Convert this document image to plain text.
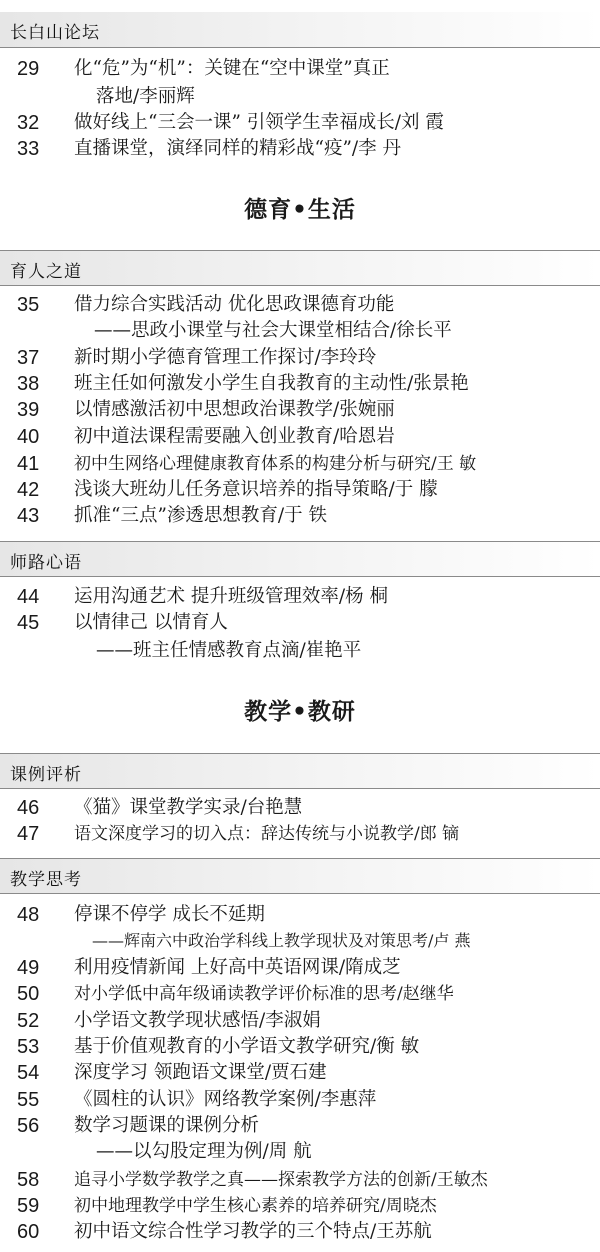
长白山论坛
29	化“危”为“机”：关键在“空中课堂”真正
落地/李丽辉
32	做好线上“三会一课” 引领学生幸福成长/刘 霞
33	直播课堂，演绎同样的精彩战“疫”/李 丹
德育•生活
育人之道
35	借力综合实践活动 优化思政课德育功能
——思政小课堂与社会大课堂相结合/徐长平
37	新时期小学德育管理工作探讨/李玲玲
38	班主任如何激发小学生自我教育的主动性/张景艳
39	以情感激活初中思想政治课教学/张婉丽
40	初中道法课程需要融入创业教育/哈恩岩
41	初中生网络心理健康教育体系的构建分析与研究/王 敏
42	浅谈大班幼儿任务意识培养的指导策略/于 朦
43	抓准“三点”渗透思想教育/于 铁
师路心语
44	运用沟通艺术 提升班级管理效率/杨 桐
45	以情律己 以情育人
——班主任情感教育点滴/崔艳平
教学•教研
课例评析
46	《猫》课堂教学实录/台艳慧
47	语文深度学习的切入点：辞达传统与小说教学/郎 镝
教学思考
48	停课不停学 成长不延期
——辉南六中政治学科线上教学现状及对策思考/卢 燕
49	利用疫情新闻 上好高中英语网课/隋成芝
50	对小学低中高年级诵读教学评价标准的思考/赵继华
52	小学语文教学现状感悟/李淑娟
53	基于价值观教育的小学语文教学研究/衡 敏
54	深度学习 领跑语文课堂/贾石建
55	《圆柱的认识》网络教学案例/李惠萍
56	数学习题课的课例分析
——以勾股定理为例/周 航
58	追寻小学数学教学之真——探索教学方法的创新/王敏杰
59	初中地理教学中学生核心素养的培养研究/周晓杰
60	初中语文综合性学习教学的三个特点/王苏航
